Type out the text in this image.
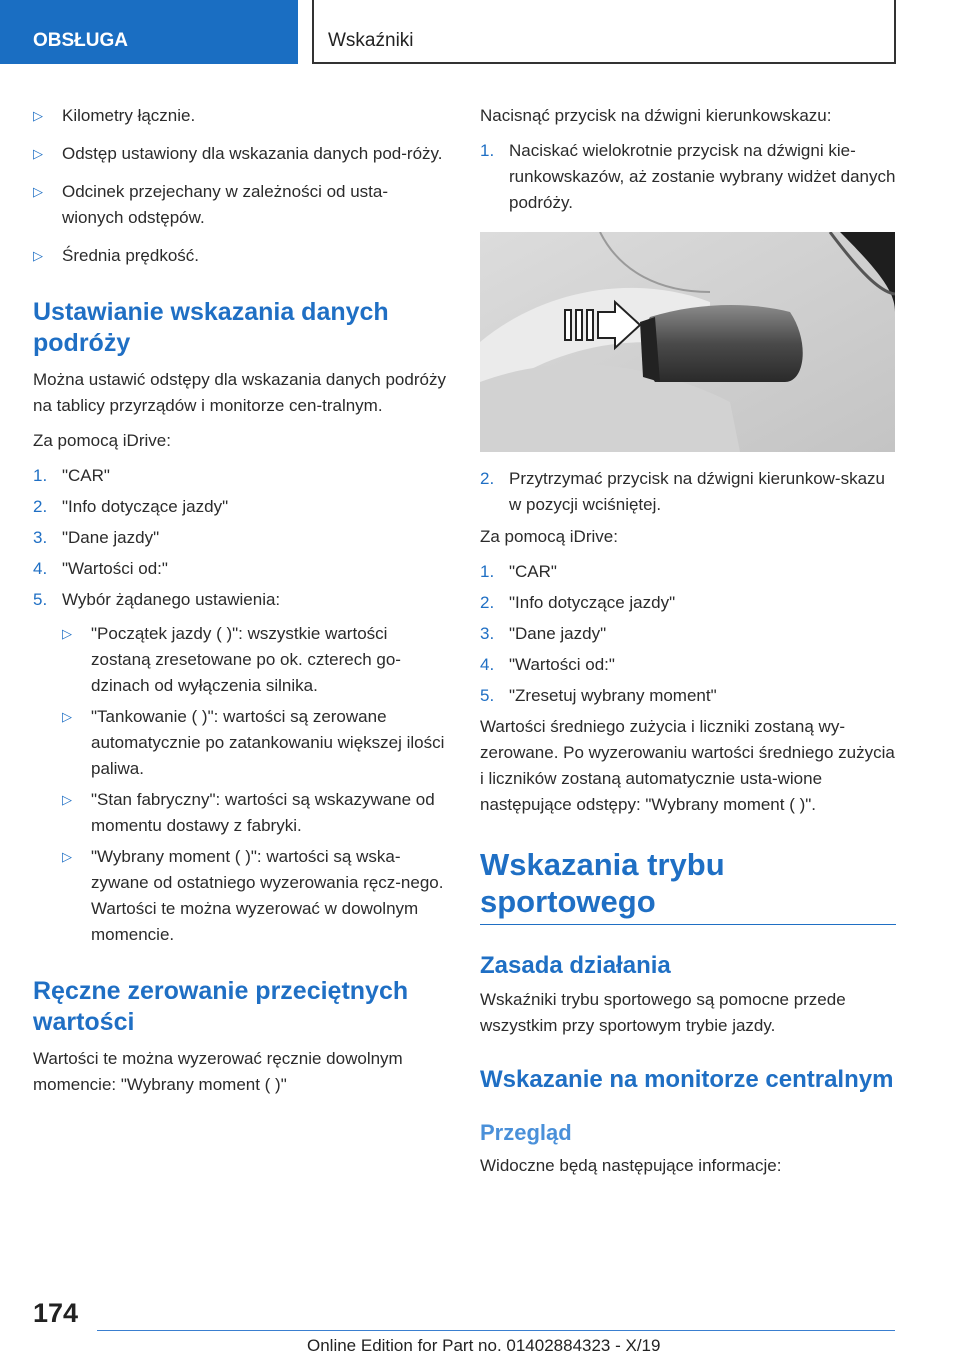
OBSŁUGA	Wskaźniki
▷ Kilometry łącznie.
▷ Odstęp ustawiony dla wskazania danych pod-róży.
▷ Odcinek przejechany w zależności od usta-wionych odstępów.
▷ Średnia prędkość.
Ustawianie wskazania danych podróży

Można ustawić odstępy dla wskazania danych podróży na tablicy przyrządów i monitorze cen-tralnym.

Za pomocą iDrive:

1. "CAR"
2. "Info dotyczące jazdy"
3. "Dane jazdy"
4. "Wartości od:"
5. Wybór żądanego ustawienia:
▷ "Początek jazdy ( )": wszystkie wartości zostaną zresetowane po ok. czterech go-dzinach od wyłączenia silnika.
▷ "Tankowanie ( )": wartości są zerowane automatycznie po zatankowaniu większej ilości paliwa.
▷ "Stan fabryczny": wartości są wskazywane od momentu dostawy z fabryki.
▷ "Wybrany moment ( )": wartości są wska-zywane od ostatniego wyzerowania ręcz-nego. Wartości te można wyzerować w dowolnym momencie.
Ręczne zerowanie przeciętnych wartości

Wartości te można wyzerować ręcznie dowolnym momencie: "Wybrany moment ( )"

Nacisnąć przycisk na dźwigni kierunkowskazu:

1. Naciskać wielokrotnie przycisk na dźwigni kie-runkowskazów, aż zostanie wybrany widżet danych podróży.
2. Przytrzymać przycisk na dźwigni kierunkow-skazu w pozycji wciśniętej.

Za pomocą iDrive:

1. "CAR"
2. "Info dotyczące jazdy"
3. "Dane jazdy"
4. "Wartości od:"
5. "Zresetuj wybrany moment"

Wartości średniego zużycia i liczniki zostaną wy-zerowane. Po wyzerowaniu wartości średniego zużycia i liczników zostaną automatycznie usta-wione następujące odstępy: "Wybrany moment ( )".

Wskazania trybu sportowego
Zasada działania

Wskaźniki trybu sportowego są pomocne przede wszystkim przy sportowym trybie jazdy.

Wskazanie na monitorze centralnym
Przegląd

Widoczne będą następujące informacje:

174
Online Edition for Part no. 01402884323 - X/19
